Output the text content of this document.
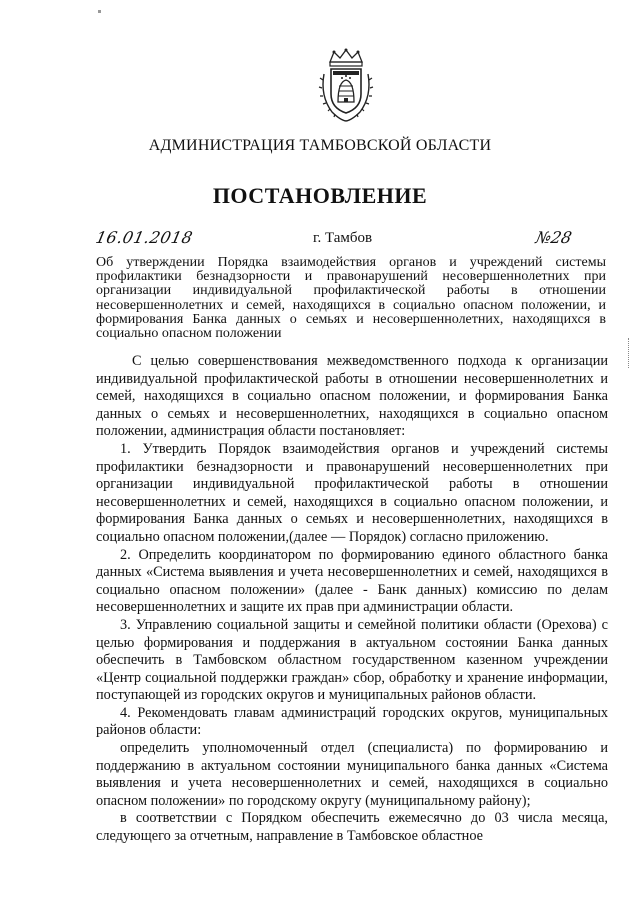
АДМИНИСТРАЦИЯ ТАМБОВСКОЙ ОБЛАСТИ
ПОСТАНОВЛЕНИЕ
16.01.2018	г. Тамбов	№28
Об утверждении Порядка взаимодействия органов и учреждений системы профилактики безнадзорности и правонарушений несовершеннолетних при организации индивидуальной профилактической работы в отношении несовершеннолетних и семей, находящихся в социально опасном положении, и формирования Банка данных о семьях и несовершеннолетних, находящихся в социально опасном положении

С целью совершенствования межведомственного подхода к организации индивидуальной профилактической работы в отношении несовершеннолетних и семей, находящихся в социально опасном положении, и формирования Банка данных о семьях и несовершеннолетних, находящихся в социально опасном положении, администрация области постановляет:

1. Утвердить Порядок взаимодействия органов и учреждений системы профилактики безнадзорности и правонарушений несовершеннолетних при организации индивидуальной профилактической работы в отношении несовершеннолетних и семей, находящихся в социально опасном положении, и формирования Банка данных о семьях и несовершеннолетних, находящихся в социально опасном положении,(далее — Порядок) согласно приложению.

2. Определить координатором по формированию единого областного банка данных «Система выявления и учета несовершеннолетних и семей, находящихся в социально опасном положении» (далее - Банк данных) комиссию по делам несовершеннолетних и защите их прав при администрации области.

3. Управлению социальной защиты и семейной политики области (Орехова) с целью формирования и поддержания в актуальном состоянии Банка данных обеспечить в Тамбовском областном государственном казенном учреждении «Центр социальной поддержки граждан» сбор, обработку и хранение информации, поступающей из городских округов и муниципальных районов области.

4. Рекомендовать главам администраций городских округов, муниципальных районов области:

определить уполномоченный отдел (специалиста) по формированию и поддержанию в актуальном состоянии муниципального банка данных «Система выявления и учета несовершеннолетних и семей, находящихся в социально опасном положении» по городскому округу (муниципальному району);

в соответствии с Порядком обеспечить ежемесячно до 03 числа месяца, следующего за отчетным, направление в Тамбовское областное
